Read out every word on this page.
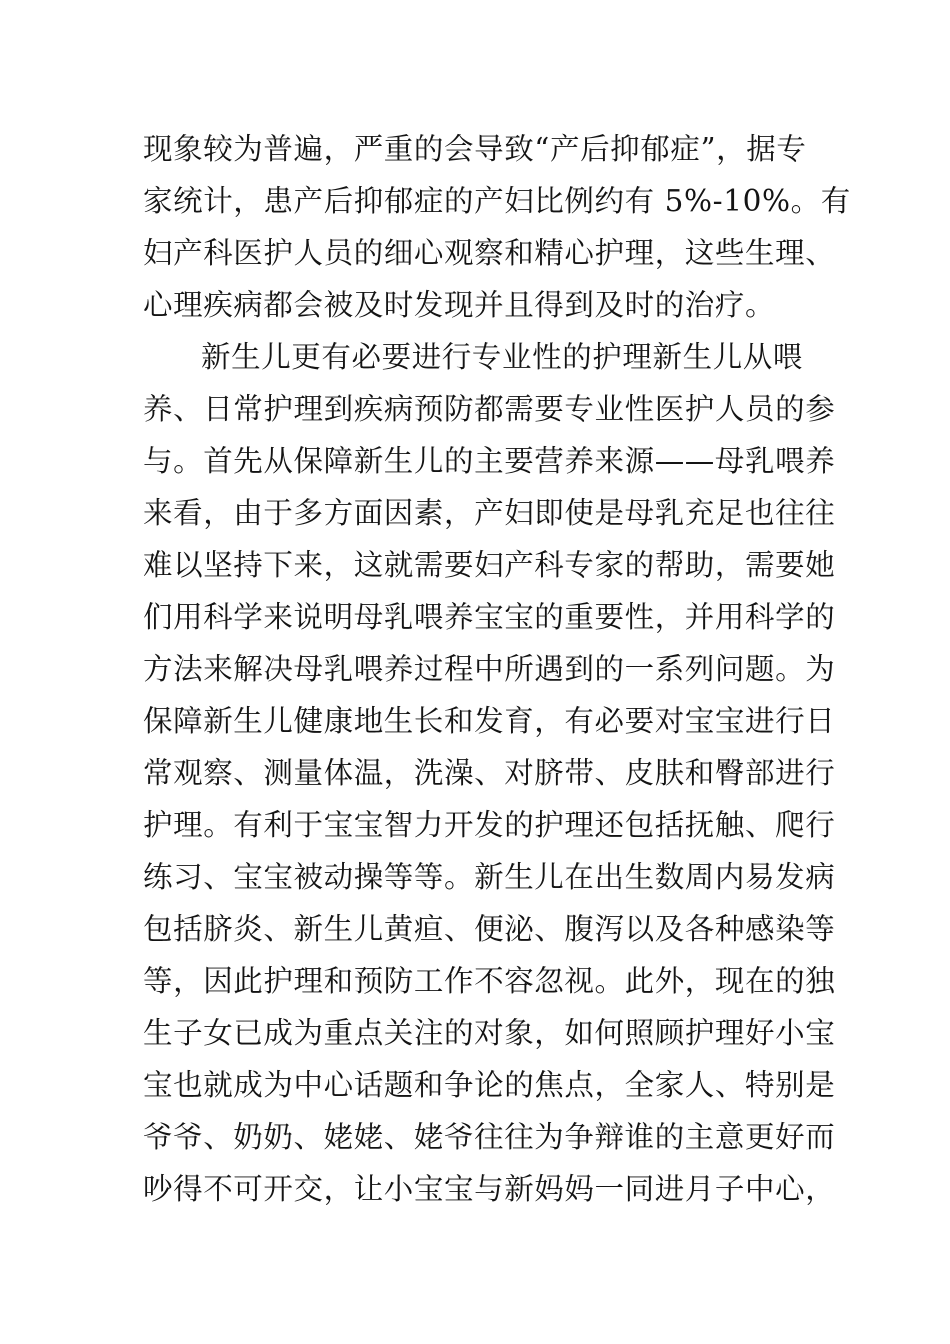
现象较为普遍，严重的会导致“产后抑郁症”，据专
家统计，患产后抑郁症的产妇比例约有 5%-10%。有
妇产科医护人员的细心观察和精心护理，这些生理、
心理疾病都会被及时发现并且得到及时的治疗。
新生儿更有必要进行专业性的护理新生儿从喂
养、日常护理到疾病预防都需要专业性医护人员的参
与。首先从保障新生儿的主要营养来源——母乳喂养
来看，由于多方面因素，产妇即使是母乳充足也往往
难以坚持下来，这就需要妇产科专家的帮助，需要她
们用科学来说明母乳喂养宝宝的重要性，并用科学的
方法来解决母乳喂养过程中所遇到的一系列问题。为
保障新生儿健康地生长和发育，有必要对宝宝进行日
常观察、测量体温，洗澡、对脐带、皮肤和臀部进行
护理。有利于宝宝智力开发的护理还包括抚触、爬行
练习、宝宝被动操等等。新生儿在出生数周内易发病
包括脐炎、新生儿黄疸、便泌、腹泻以及各种感染等
等，因此护理和预防工作不容忽视。此外，现在的独
生子女已成为重点关注的对象，如何照顾护理好小宝
宝也就成为中心话题和争论的焦点，全家人、特别是
爷爷、奶奶、姥姥、姥爷往往为争辩谁的主意更好而
吵得不可开交，让小宝宝与新妈妈一同进月子中心，
